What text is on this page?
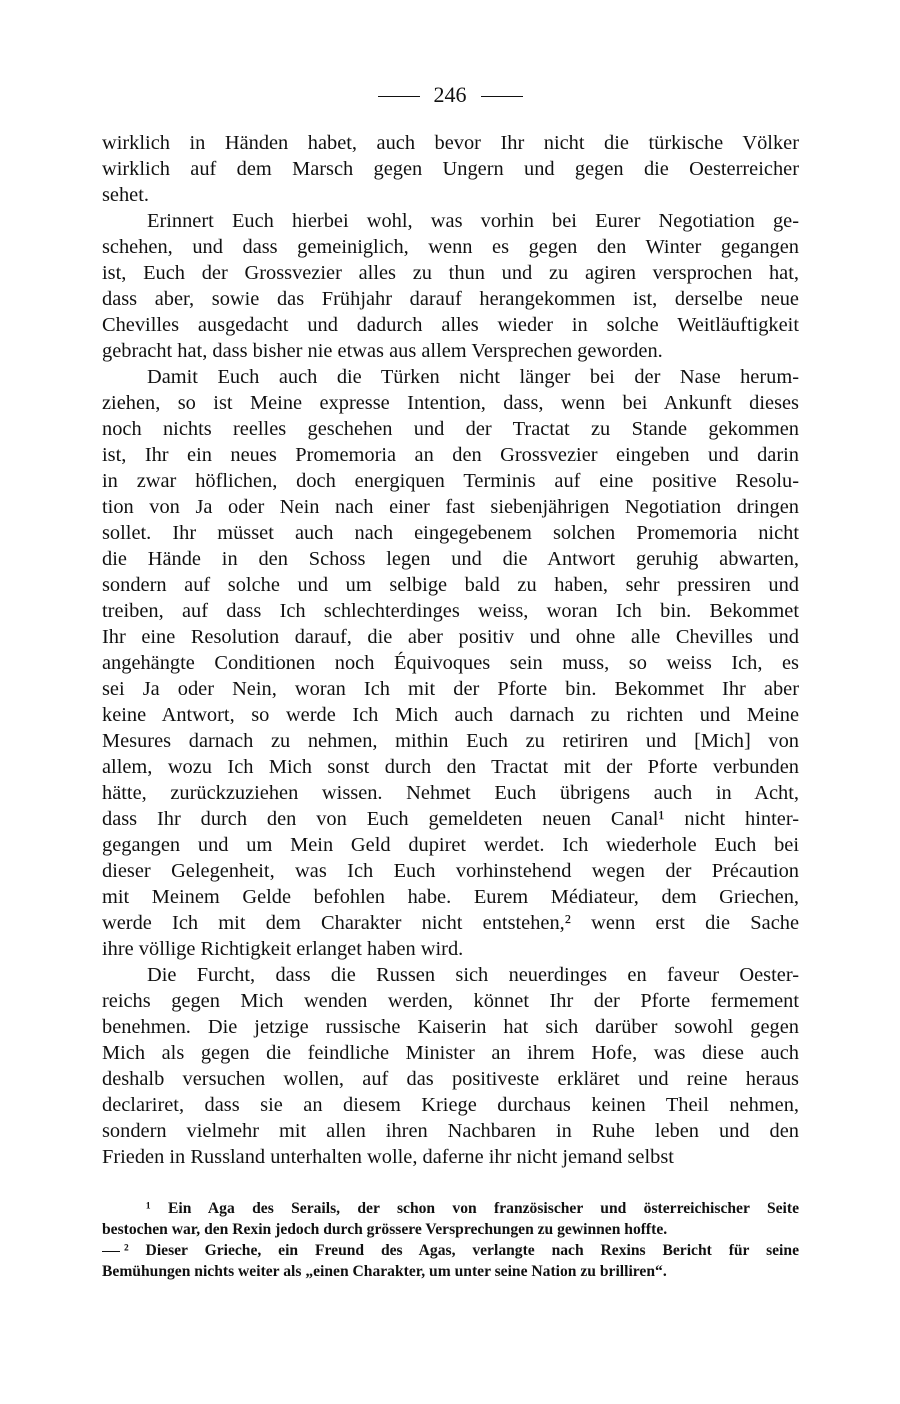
246

wirklich in Händen habet, auch bevor Ihr nicht die türkische Völker
wirklich auf dem Marsch gegen Ungern und gegen die Oesterreicher
sehet.

Erinnert Euch hierbei wohl, was vorhin bei Eurer Negotiation ge-
schehen, und dass gemeiniglich, wenn es gegen den Winter gegangen
ist, Euch der Grossvezier alles zu thun und zu agiren versprochen hat,
dass aber, sowie das Frühjahr darauf herangekommen ist, derselbe neue
Chevilles ausgedacht und dadurch alles wieder in solche Weitläuftigkeit
gebracht hat, dass bisher nie etwas aus allem Versprechen geworden.

Damit Euch auch die Türken nicht länger bei der Nase herum-
ziehen, so ist Meine expresse Intention, dass, wenn bei Ankunft dieses
noch nichts reelles geschehen und der Tractat zu Stande gekommen
ist, Ihr ein neues Promemoria an den Grossvezier eingeben und darin
in zwar höflichen, doch energiquen Terminis auf eine positive Resolu-
tion von Ja oder Nein nach einer fast siebenjährigen Negotiation dringen
sollet. Ihr müsset auch nach eingegebenem solchen Promemoria nicht
die Hände in den Schoss legen und die Antwort geruhig abwarten,
sondern auf solche und um selbige bald zu haben, sehr pressiren und
treiben, auf dass Ich schlechterdinges weiss, woran Ich bin. Bekommet
Ihr eine Resolution darauf, die aber positiv und ohne alle Chevilles und
angehängte Conditionen noch Équivoques sein muss, so weiss Ich, es
sei Ja oder Nein, woran Ich mit der Pforte bin. Bekommet Ihr aber
keine Antwort, so werde Ich Mich auch darnach zu richten und Meine
Mesures darnach zu nehmen, mithin Euch zu retiriren und [Mich] von
allem, wozu Ich Mich sonst durch den Tractat mit der Pforte verbunden
hätte, zurückzuziehen wissen. Nehmet Euch übrigens auch in Acht,
dass Ihr durch den von Euch gemeldeten neuen Canal¹ nicht hinter-
gegangen und um Mein Geld dupiret werdet. Ich wiederhole Euch bei
dieser Gelegenheit, was Ich Euch vorhinstehend wegen der Précaution
mit Meinem Gelde befohlen habe. Eurem Médiateur, dem Griechen,
werde Ich mit dem Charakter nicht entstehen,² wenn erst die Sache
ihre völlige Richtigkeit erlanget haben wird.

Die Furcht, dass die Russen sich neuerdinges en faveur Oester-
reichs gegen Mich wenden werden, könnet Ihr der Pforte fermement
benehmen. Die jetzige russische Kaiserin hat sich darüber sowohl gegen
Mich als gegen die feindliche Minister an ihrem Hofe, was diese auch
deshalb versuchen wollen, auf das positiveste erkläret und reine heraus
declariret, dass sie an diesem Kriege durchaus keinen Theil nehmen,
sondern vielmehr mit allen ihren Nachbaren in Ruhe leben und den
Frieden in Russland unterhalten wolle, daferne ihr nicht jemand selbst

¹ Ein Aga des Serails, der schon von französischer und österreichischer Seite
bestochen war, den Rexin jedoch durch grössere Versprechungen zu gewinnen hoffte.
² Dieser Grieche, ein Freund des Agas, verlangte nach Rexins Bericht für seine
Bemühungen nichts weiter als „einen Charakter, um unter seine Nation zu brilliren“.
